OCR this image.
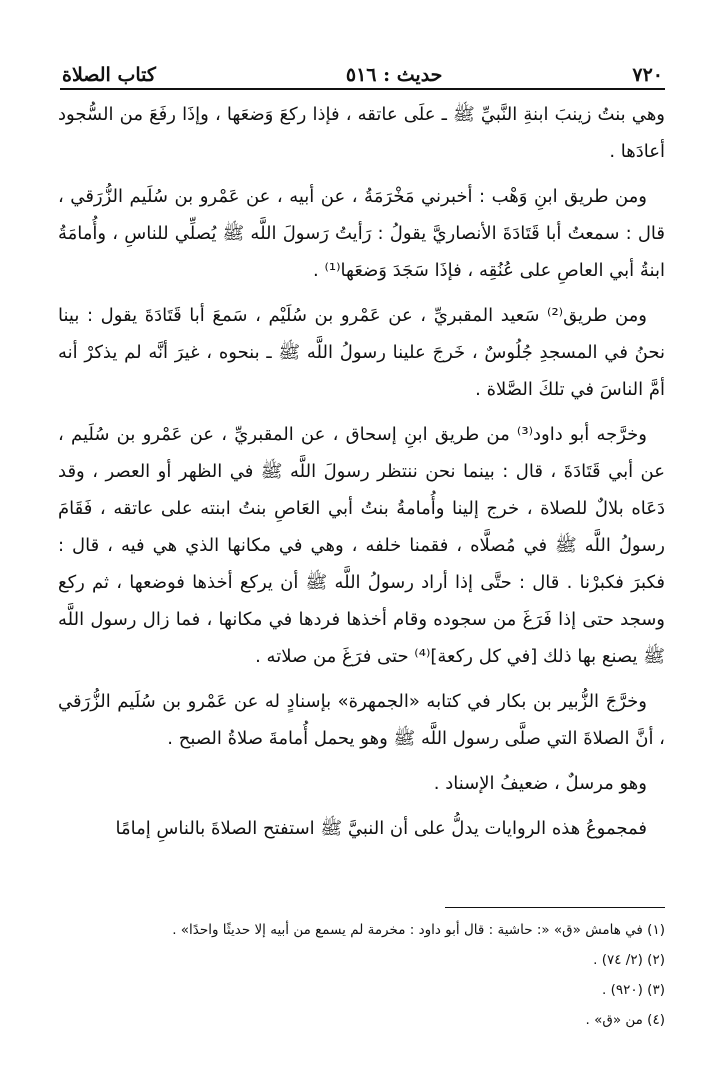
٧٢٠
حديث : ٥١٦
كتاب الصلاة

وهي بنتُ زينبَ ابنةِ النَّبيِّ ﷺ ـ علَى عاتقه ، فإذا ركعَ وَضعَها ، وإذَا رفَعَ من السُّجود أعادَها .

ومن طريق ابنِ وَهْب : أخبرني مَخْرَمَةُ ، عن أبيه ، عن عَمْرو بن سُلَيم الزُّرَقي ، قال : سمعتُ أبا قَتَادَةَ الأنصاريَّ يقولُ : رَأيتُ رَسولَ اللَّه ﷺ يُصلِّي للناسِ ، وأُمامَةُ ابنةُ أبي العاصِ على عُنُقِه ، فإذَا سَجَدَ وَضعَها⁽¹⁾ .

ومن طريق⁽²⁾ سَعيد المقبريِّ ، عن عَمْرو بن سُلَيْم ، سَمعَ أبا قَتَادَةَ يقول : بينا نحنُ في المسجدِ جُلُوسٌ ، خَرجَ علينا رسولُ اللَّه ﷺ ـ بنحوه ، غيرَ أنَّه لم يذكرْ أنه أمَّ الناسَ في تلكَ الصَّلاة .

وخرَّجه أبو داود⁽³⁾ من طريق ابنِ إسحاق ، عن المقبريِّ ، عن عَمْرو بن سُلَيم ، عن أبي قَتَادَةَ ، قال : بينما نحن ننتظر رسولَ اللَّه ﷺ في الظهر أو العصر ، وقد دَعَاه بلالٌ للصلاة ، خرج إلينا وأُمامةُ بنتُ أبي العَاصِ بنتُ ابنته على عاتقه ، فَقَامَ رسولُ اللَّه ﷺ في مُصلَّاه ، فقمنا خلفه ، وهي في مكانها الذي هي فيه ، قال : فكبرَ فكبرْنا . قال : حتَّى إذا أراد رسولُ اللَّه ﷺ أن يركع أخذها فوضعها ، ثم ركع وسجد حتى إذا فَرَغَ من سجوده وقام أخذها فردها في مكانها ، فما زال رسول اللَّه ﷺ يصنع بها ذلك [في كل ركعة]⁽⁴⁾ حتى فرَغَ من صلاته .

وخرَّجَ الزُّبير بن بكار في كتابه «الجمهرة» بإسنادٍ له عن عَمْرو بن سُلَيم الزُّرَقي ، أنَّ الصلاةَ التي صلَّى رسول اللَّه ﷺ وهو يحمل أُمامةَ صلاةُ الصبح .

وهو مرسلٌ ، ضعيفُ الإسناد .

فمجموعُ هذه الروايات يدلُّ على أن النبيَّ ﷺ استفتح الصلاةَ بالناسِ إمامًا

(١) في هامش «ق» «: حاشية : قال أبو داود : مخرمة لم يسمع من أبيه إلا حديثًا واحدًا» .
(٢) (٢/ ٧٤) .
(٣) (٩٢٠) .
(٤) من «ق» .
